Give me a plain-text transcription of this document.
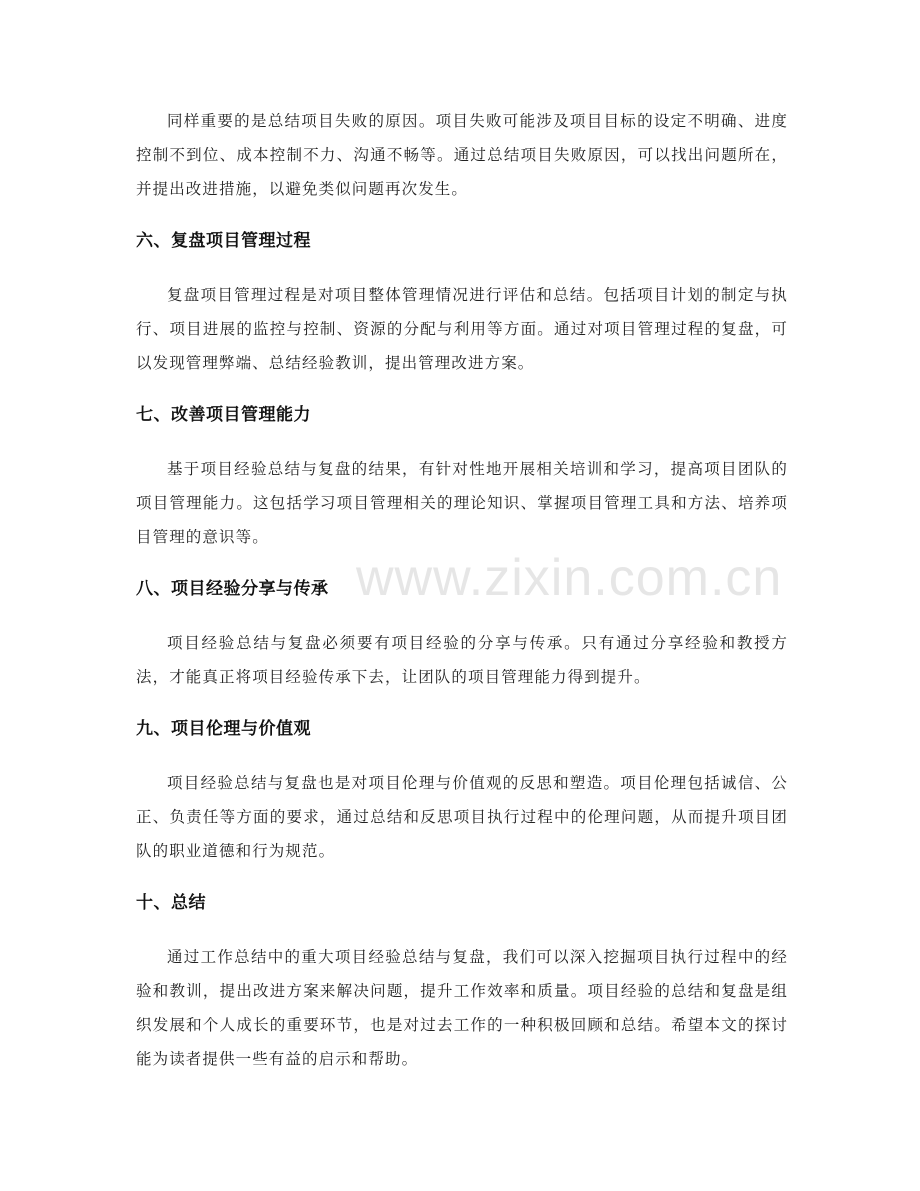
同样重要的是总结项目失败的原因。项目失败可能涉及项目目标的设定不明确、进度控制不到位、成本控制不力、沟通不畅等。通过总结项目失败原因，可以找出问题所在，并提出改进措施，以避免类似问题再次发生。

六、复盘项目管理过程

复盘项目管理过程是对项目整体管理情况进行评估和总结。包括项目计划的制定与执行、项目进展的监控与控制、资源的分配与利用等方面。通过对项目管理过程的复盘，可以发现管理弊端、总结经验教训，提出管理改进方案。

七、改善项目管理能力

基于项目经验总结与复盘的结果，有针对性地开展相关培训和学习，提高项目团队的项目管理能力。这包括学习项目管理相关的理论知识、掌握项目管理工具和方法、培养项目管理的意识等。

八、项目经验分享与传承

项目经验总结与复盘必须要有项目经验的分享与传承。只有通过分享经验和教授方法，才能真正将项目经验传承下去，让团队的项目管理能力得到提升。

九、项目伦理与价值观

项目经验总结与复盘也是对项目伦理与价值观的反思和塑造。项目伦理包括诚信、公正、负责任等方面的要求，通过总结和反思项目执行过程中的伦理问题，从而提升项目团队的职业道德和行为规范。

十、总结

通过工作总结中的重大项目经验总结与复盘，我们可以深入挖掘项目执行过程中的经验和教训，提出改进方案来解决问题，提升工作效率和质量。项目经验的总结和复盘是组织发展和个人成长的重要环节，也是对过去工作的一种积极回顾和总结。希望本文的探讨能为读者提供一些有益的启示和帮助。

www.zixin.com.cn
